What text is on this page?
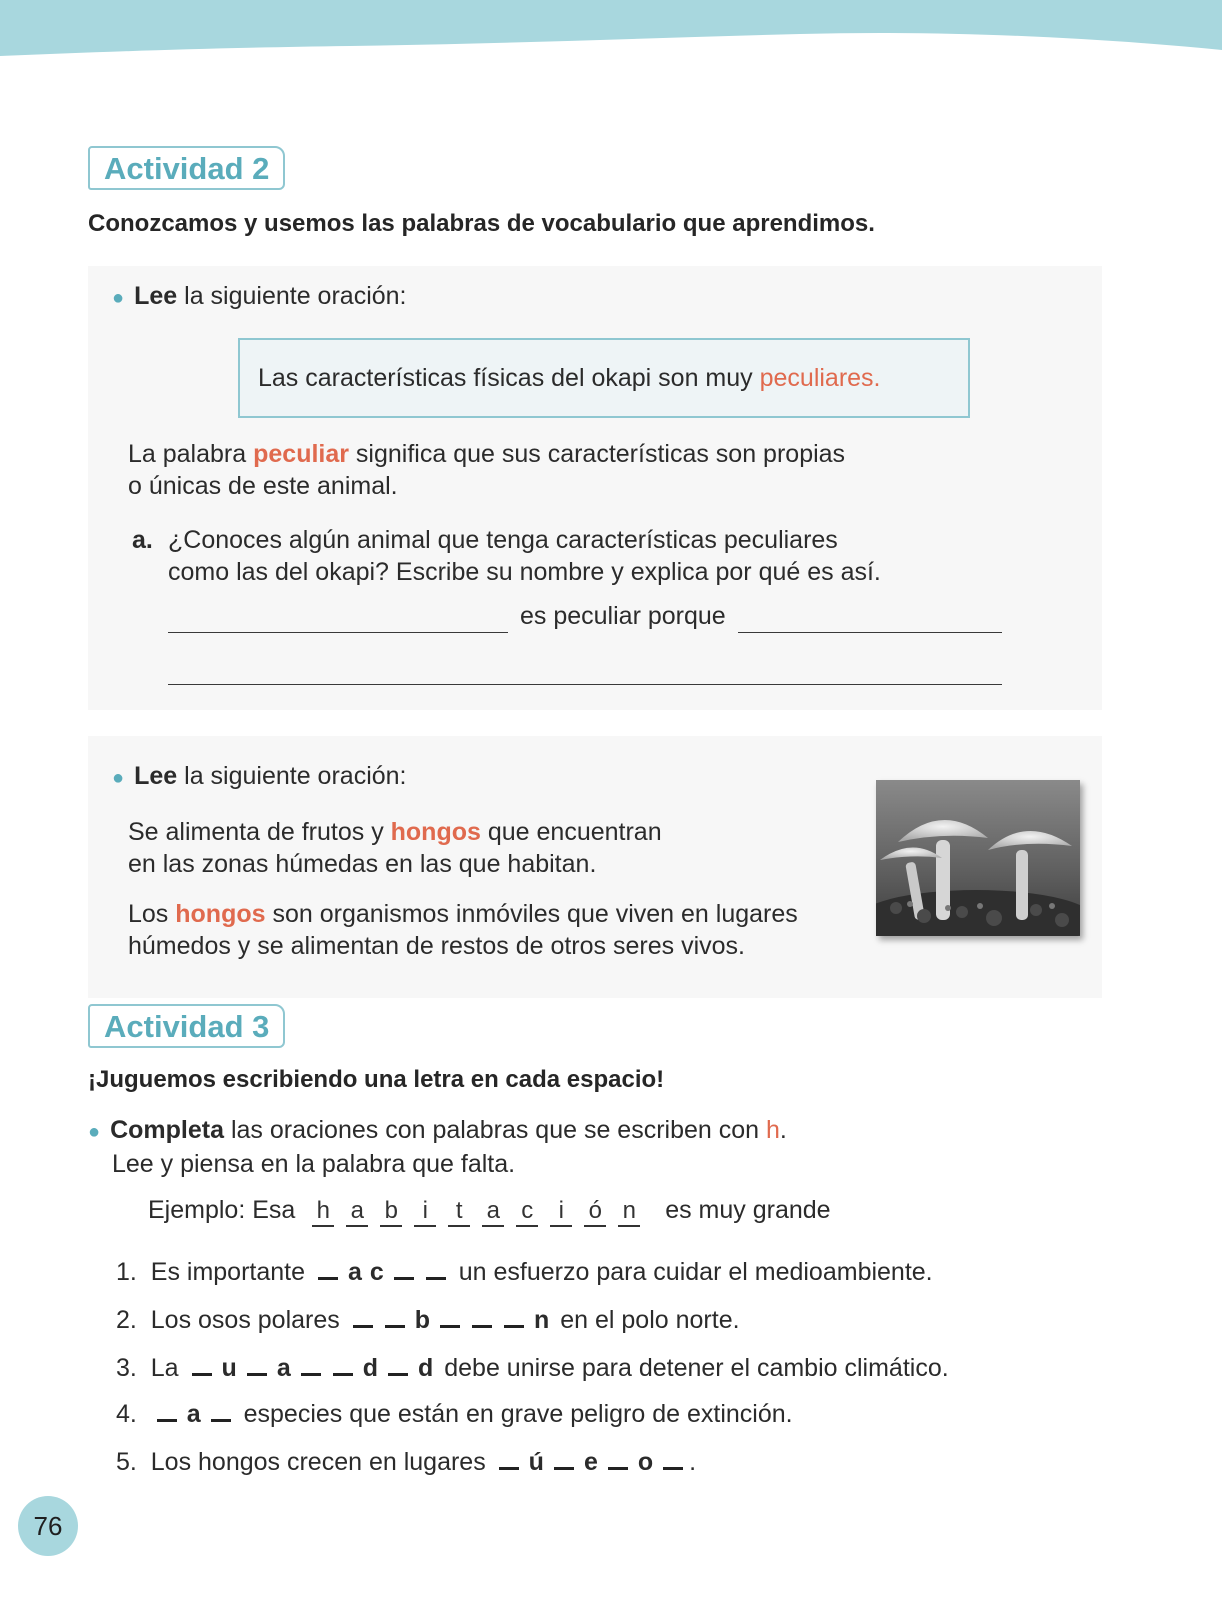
Actividad 2
Conozcamos y usemos las palabras de vocabulario que aprendimos.
● Lee la siguiente oración:
Las características físicas del okapi son muy peculiares.
La palabra peculiar significa que sus características son propias
o únicas de este animal.
a. ¿Conoces algún animal que tenga características peculiares
como las del okapi? Escribe su nombre y explica por qué es así.
es peculiar porque
● Lee la siguiente oración:
Se alimenta de frutos y hongos que encuentran
en las zonas húmedas en las que habitan.
Los hongos son organismos inmóviles que viven en lugares
húmedos y se alimentan de restos de otros seres vivos.
Actividad 3
¡Juguemos escribiendo una letra en cada espacio!
● Completa las oraciones con palabras que se escriben con h.
Lee y piensa en la palabra que falta.
Ejemplo: Esa h a b i t a c i ó n es muy grande
1. Es importante a c	un esfuerzo para cuidar el medioambiente.
2. Los osos polares	b	n en el polo norte.
3. La u a	d d debe unirse para detener el cambio climático.
4. a especies que están en grave peligro de extinción.
5. Los hongos crecen en lugares ú e o .
76
